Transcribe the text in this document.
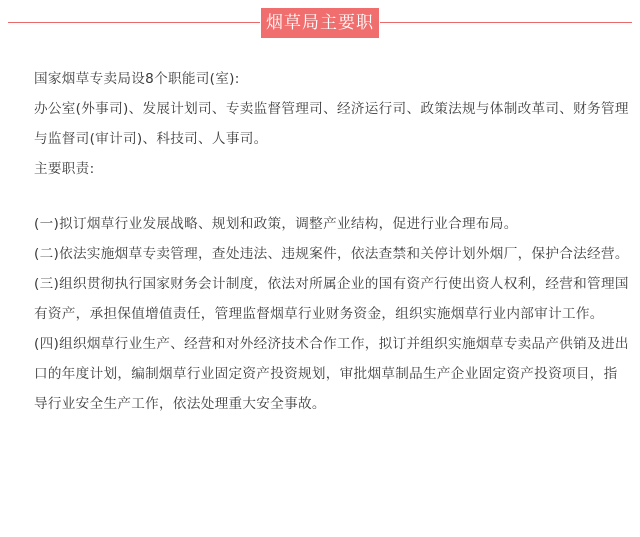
烟草局主要职责

国家烟草专卖局设8个职能司(室):

办公室(外事司)、发展计划司、专卖监督管理司、经济运行司、政策法规与体制改革司、财务管理与监督司(审计司)、科技司、人事司。

主要职责:

(一)拟订烟草行业发展战略、规划和政策，调整产业结构，促进行业合理布局。

(二)依法实施烟草专卖管理，查处违法、违规案件，依法查禁和关停计划外烟厂，保护合法经营。

(三)组织贯彻执行国家财务会计制度，依法对所属企业的国有资产行使出资人权利，经营和管理国有资产，承担保值增值责任，管理监督烟草行业财务资金，组织实施烟草行业内部审计工作。

(四)组织烟草行业生产、经营和对外经济技术合作工作，拟订并组织实施烟草专卖品产供销及进出口的年度计划，编制烟草行业固定资产投资规划，审批烟草制品生产企业固定资产投资项目，指导行业安全生产工作，依法处理重大安全事故。
